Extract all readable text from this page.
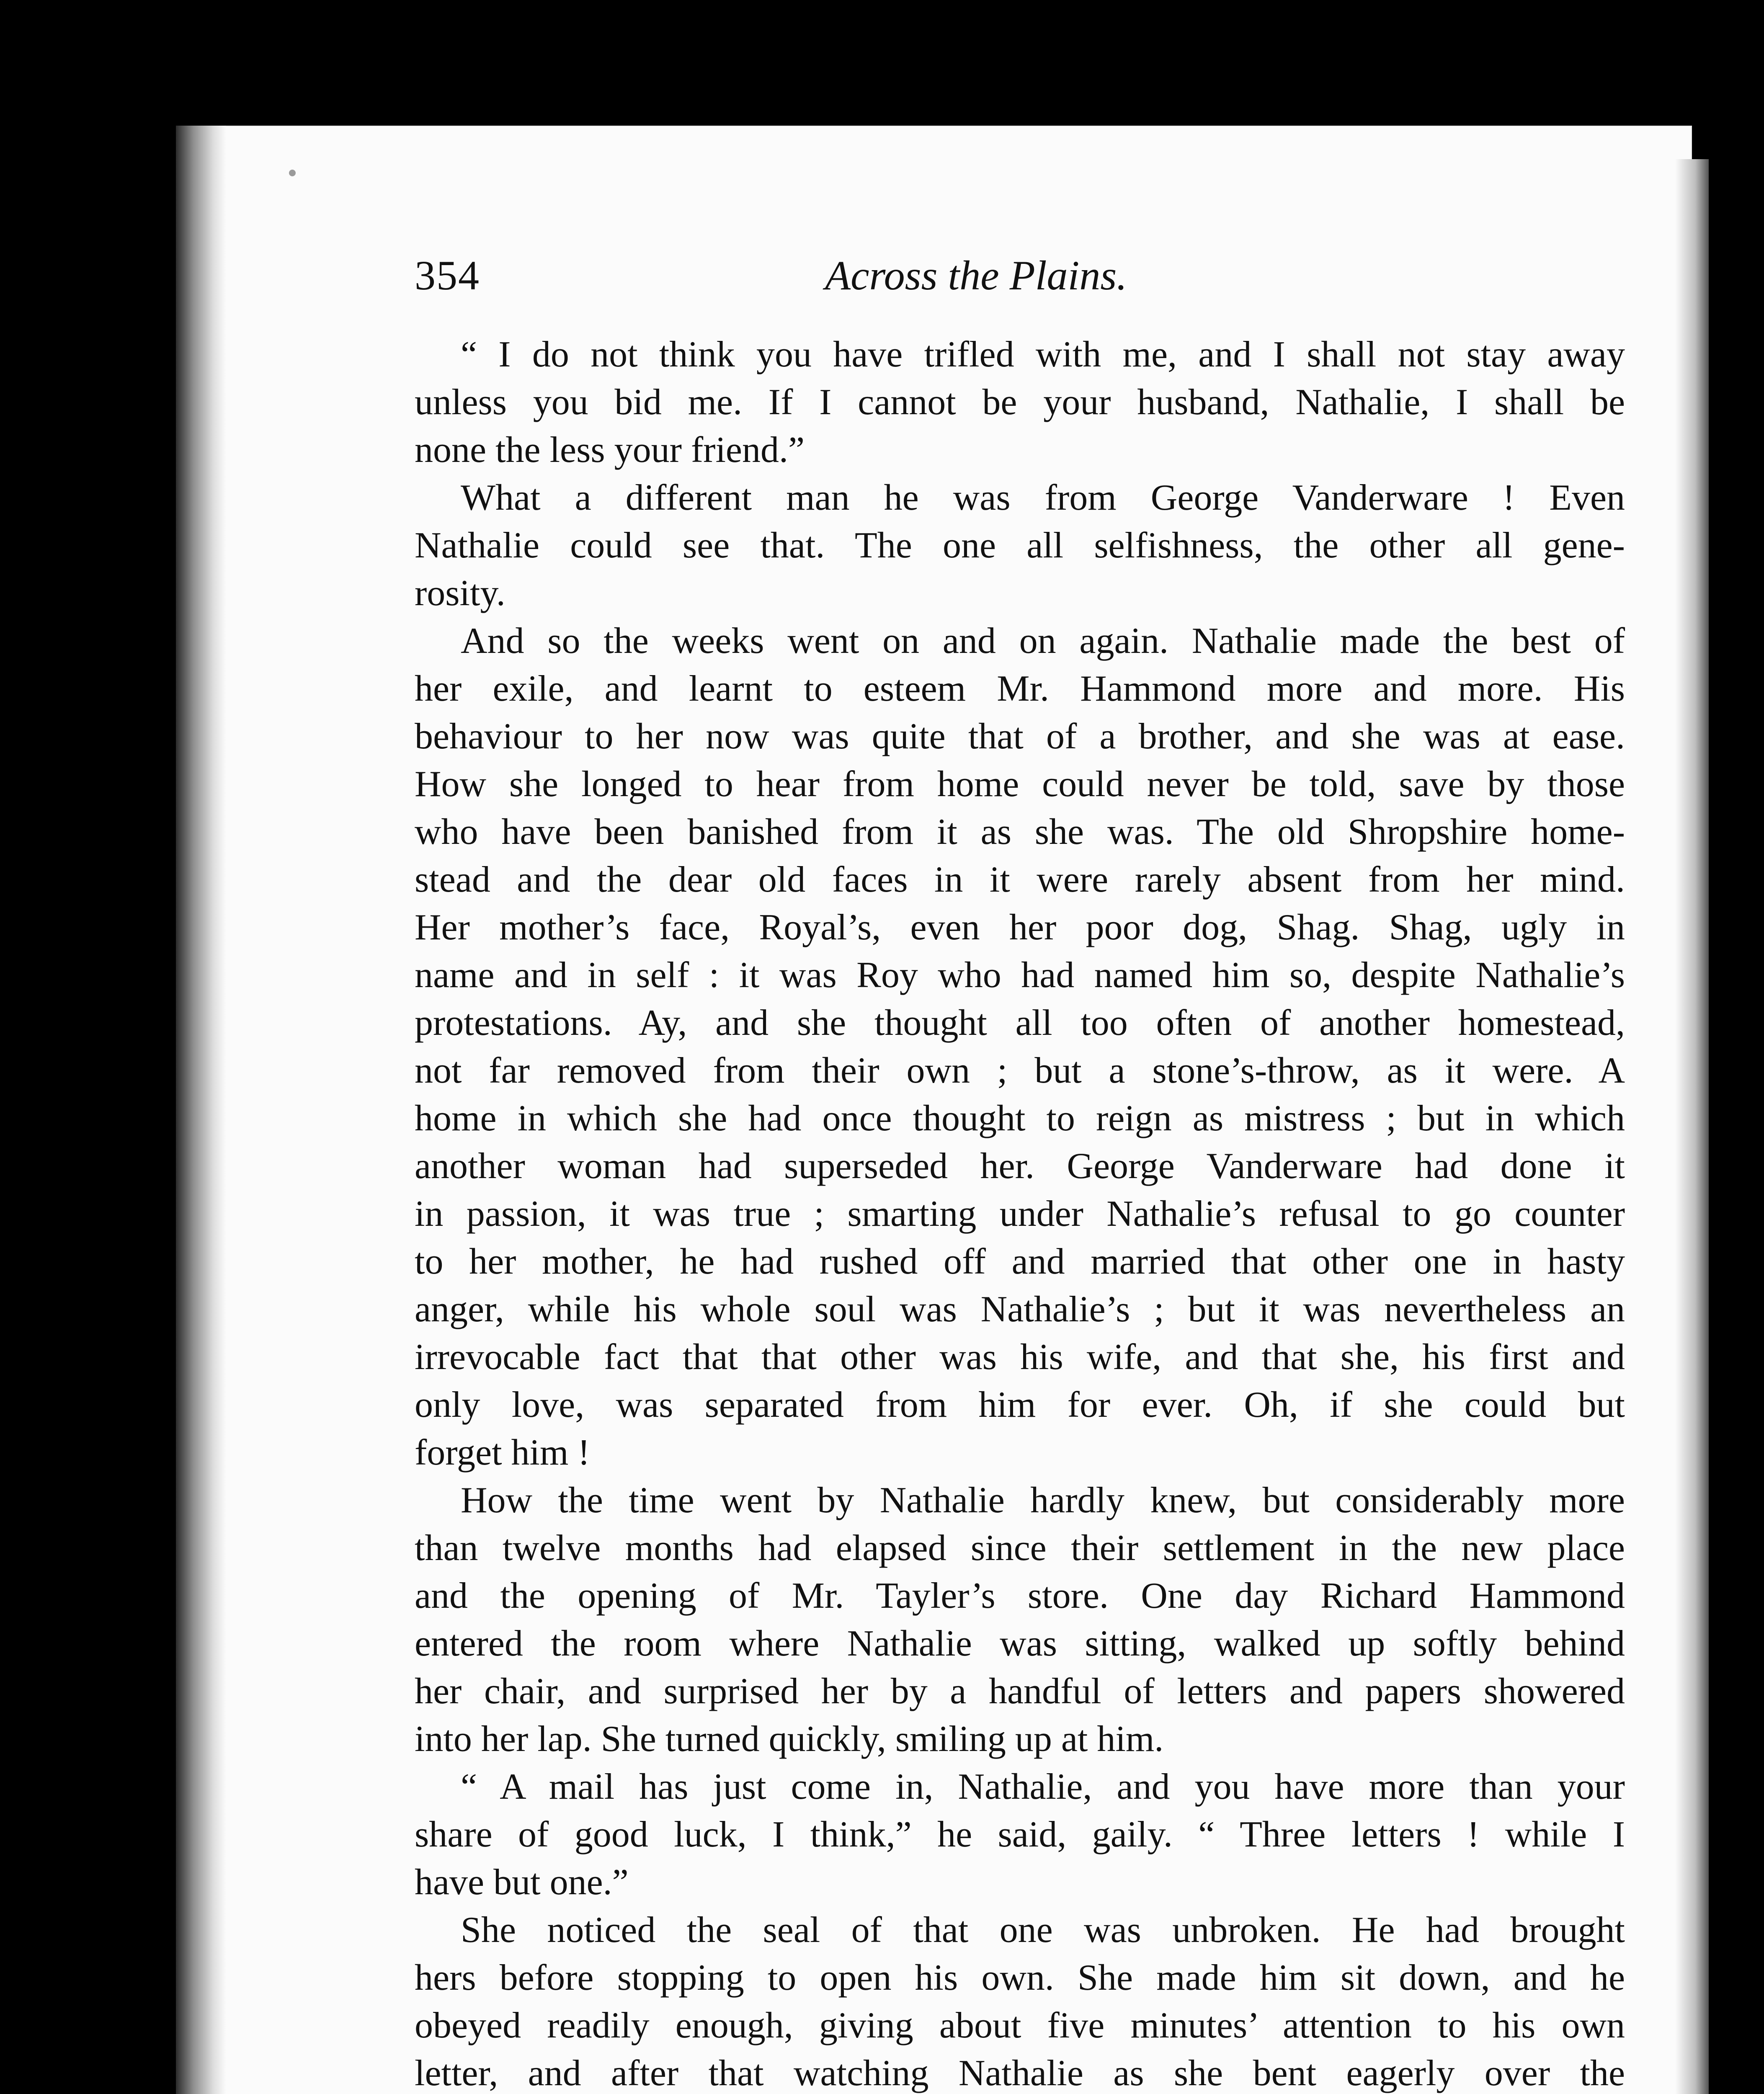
354	Across the Plains.
“ I do not think you have trifled with me, and I shall not stay away
unless you bid me. If I cannot be your husband, Nathalie, I shall be
none the less your friend.”
What a different man he was from George Vanderware ! Even
Nathalie could see that. The one all selfishness, the other all gene-
rosity.
And so the weeks went on and on again. Nathalie made the best of
her exile, and learnt to esteem Mr. Hammond more and more. His
behaviour to her now was quite that of a brother, and she was at ease.
How she longed to hear from home could never be told, save by those
who have been banished from it as she was. The old Shropshire home-
stead and the dear old faces in it were rarely absent from her mind.
Her mother’s face, Royal’s, even her poor dog, Shag. Shag, ugly in
name and in self : it was Roy who had named him so, despite Nathalie’s
protestations. Ay, and she thought all too often of another homestead,
not far removed from their own ; but a stone’s-throw, as it were. A
home in which she had once thought to reign as mistress ; but in which
another woman had superseded her. George Vanderware had done it
in passion, it was true ; smarting under Nathalie’s refusal to go counter
to her mother, he had rushed off and married that other one in hasty
anger, while his whole soul was Nathalie’s ; but it was nevertheless an
irrevocable fact that that other was his wife, and that she, his first and
only love, was separated from him for ever. Oh, if she could but
forget him !
How the time went by Nathalie hardly knew, but considerably more
than twelve months had elapsed since their settlement in the new place
and the opening of Mr. Tayler’s store. One day Richard Hammond
entered the room where Nathalie was sitting, walked up softly behind
her chair, and surprised her by a handful of letters and papers showered
into her lap. She turned quickly, smiling up at him.
“ A mail has just come in, Nathalie, and you have more than your
share of good luck, I think,” he said, gaily. “ Three letters ! while I
have but one.”
She noticed the seal of that one was unbroken. He had brought
hers before stopping to open his own. She made him sit down, and he
obeyed readily enough, giving about five minutes’ attention to his own
letter, and after that watching Nathalie as she bent eagerly over the
